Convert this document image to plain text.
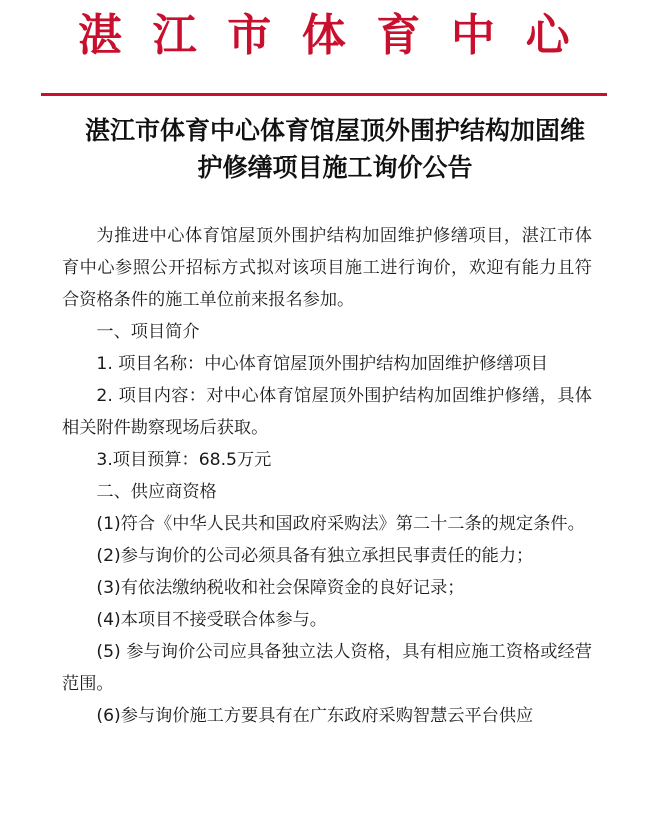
湛江市体育中心
湛江市体育中心体育馆屋顶外围护结构加固维
护修缮项目施工询价公告

为推进中心体育馆屋顶外围护结构加固维护修缮项目，湛江市体育中心参照公开招标方式拟对该项目施工进行询价，欢迎有能力且符合资格条件的施工单位前来报名参加。

一、项目简介

1. 项目名称：中心体育馆屋顶外围护结构加固维护修缮项目

2. 项目内容：对中心体育馆屋顶外围护结构加固维护修缮，具体相关附件勘察现场后获取。

3.项目预算：68.5万元

二、供应商资格

(1)符合《中华人民共和国政府采购法》第二十二条的规定条件。

(2)参与询价的公司必须具备有独立承担民事责任的能力；

(3)有依法缴纳税收和社会保障资金的良好记录；

(4)本项目不接受联合体参与。

(5) 参与询价公司应具备独立法人资格，具有相应施工资格或经营范围。

(6)参与询价施工方要具有在广东政府采购智慧云平台供应
